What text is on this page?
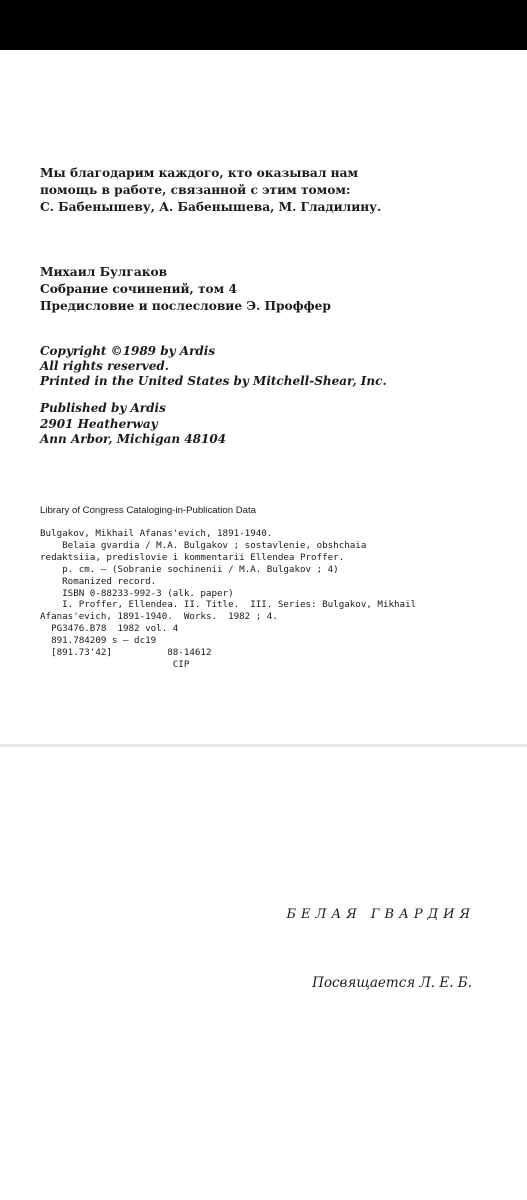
Мы благодарим каждого, кто оказывал нам
помощь в работе, связанной с этим томом:
С. Бабенышеву, А. Бабенышева, М. Гладилину.
Михаил Булгаков
Собрание сочинений, том 4
Предисловие и послесловие Э. Проффер
Copyright ©1989 by Ardis
All rights reserved.
Printed in the United States by Mitchell-Shear, Inc.
Published by Ardis
2901 Heatherway
Ann Arbor, Michigan 48104
Library of Congress Cataloging-in-Publication Data
Bulgakov, Mikhail Afanas'evich, 1891-1940.
Belaia gvardia / M.A. Bulgakov ; sostavlenie, obshchaia
redaktsiia, predislovie i kommentarii Ellendea Proffer.
p. cm. — (Sobranie sochinenii / M.A. Bulgakov ; 4)
Romanized record.
ISBN 0-88233-992-3 (alk. paper)
I. Proffer, Ellendea. II. Title.  III. Series: Bulgakov, Mikhail
Afanas'evich, 1891-1940.  Works.  1982 ; 4.
PG3476.B78  1982 vol. 4
891.784209 s — dc19
[891.73'42]          88-14612
CIP
БЕЛАЯ ГВАРДИЯ
Посвящается Л. Е. Б.
